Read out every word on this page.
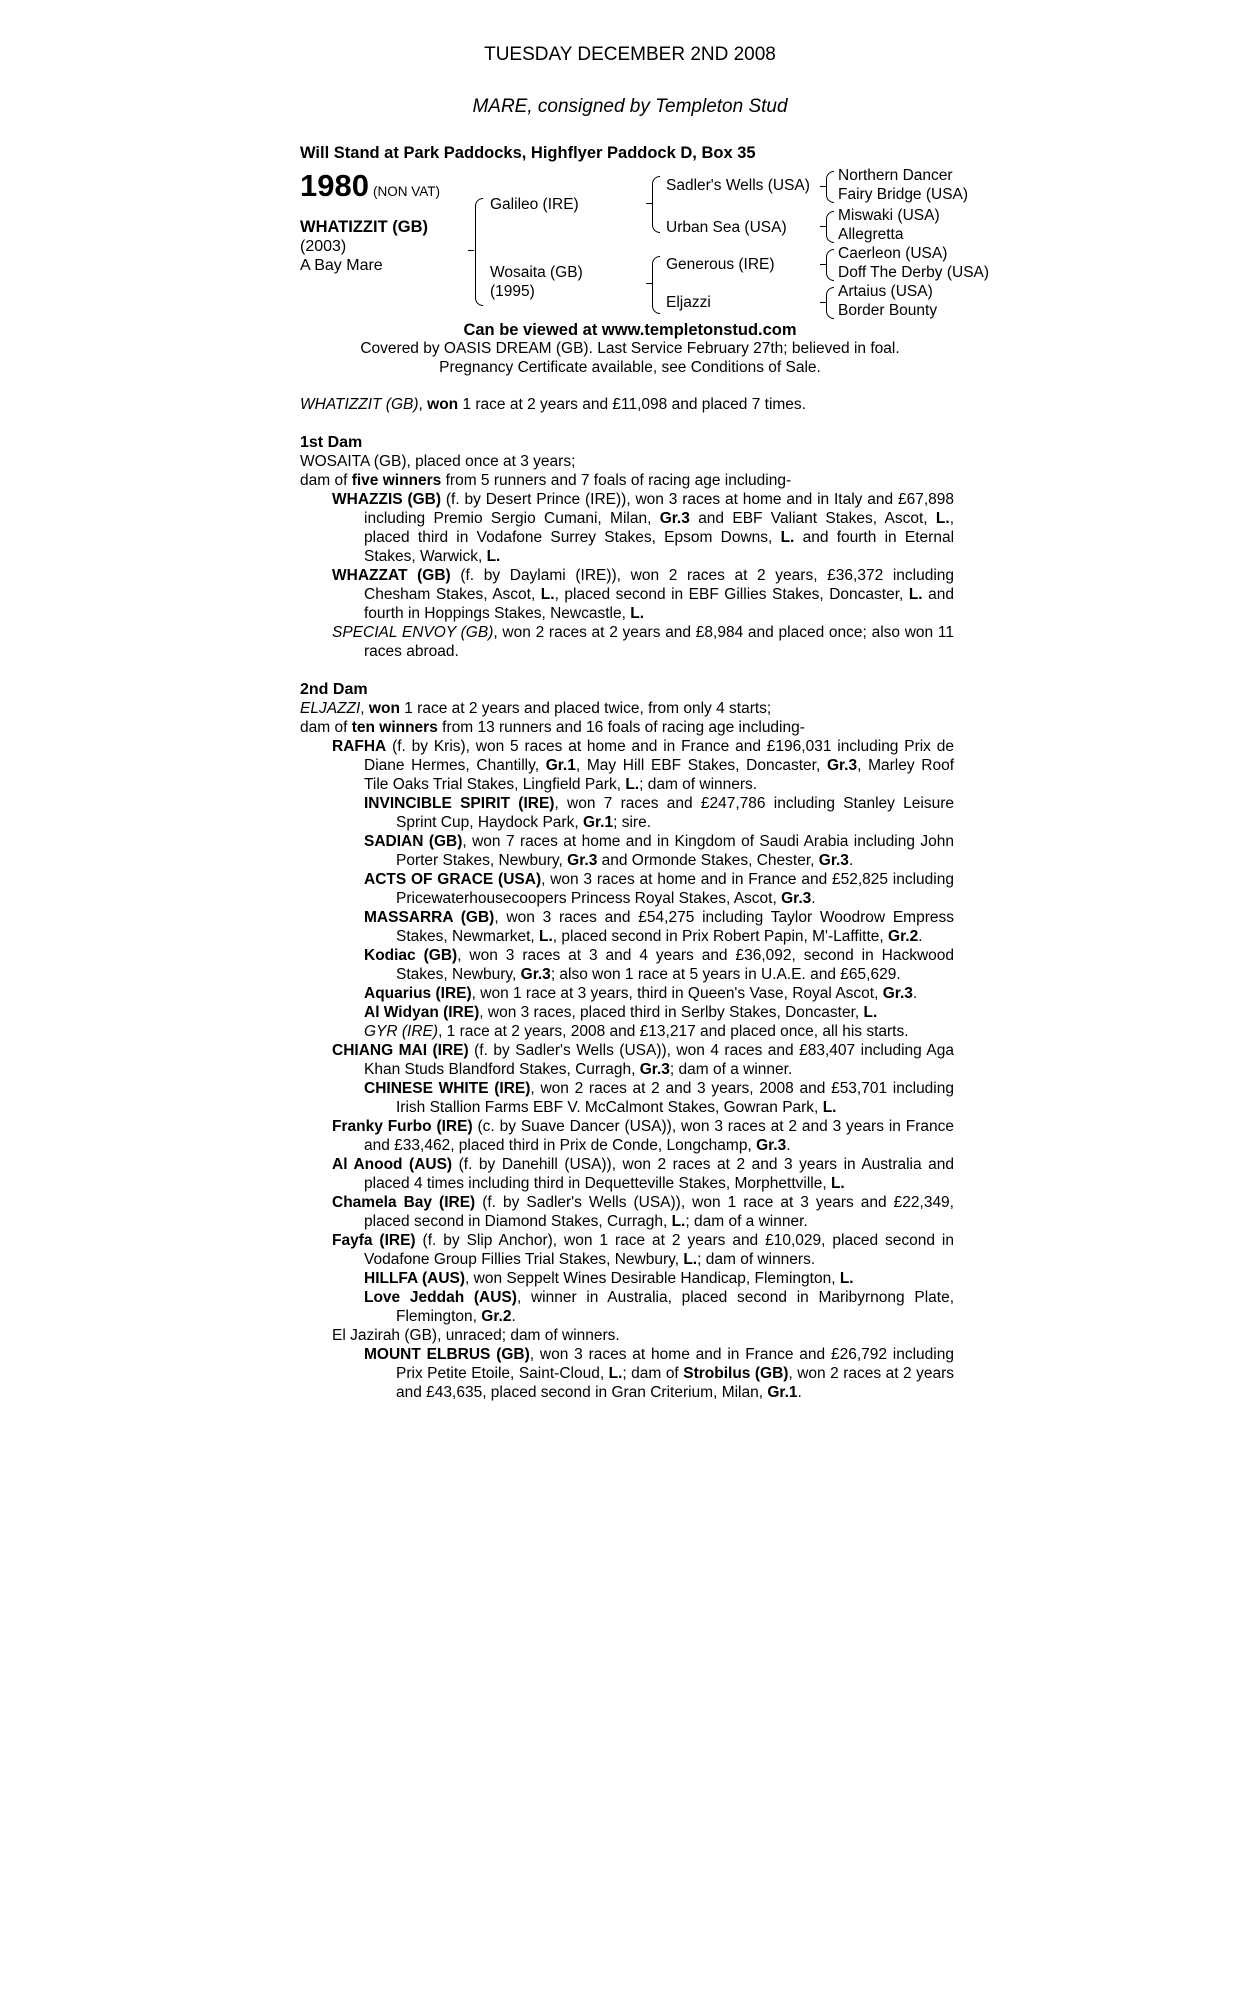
TUESDAY DECEMBER 2ND 2008
MARE, consigned by Templeton Stud
Will Stand at Park Paddocks, Highflyer Paddock D, Box 35
1980 (NON VAT)
WHATIZZIT (GB)
(2003)
A Bay Mare
Galileo (IRE)
Wosaita (GB)
(1995)
Sadler's Wells (USA)
Urban Sea (USA)
Generous (IRE)
Eljazzi
Northern Dancer
Fairy Bridge (USA)
Miswaki (USA)
Allegretta
Caerleon (USA)
Doff The Derby (USA)
Artaius (USA)
Border Bounty
Can be viewed at www.templetonstud.com
Covered by OASIS DREAM (GB). Last Service February 27th; believed in foal.
Pregnancy Certificate available, see Conditions of Sale.

WHATIZZIT (GB), won 1 race at 2 years and £11,098 and placed 7 times.

1st Dam

WOSAITA (GB), placed once at 3 years;

dam of five winners from 5 runners and 7 foals of racing age including-

WHAZZIS (GB) (f. by Desert Prince (IRE)), won 3 races at home and in Italy and £67,898 including Premio Sergio Cumani, Milan, Gr.3 and EBF Valiant Stakes, Ascot, L., placed third in Vodafone Surrey Stakes, Epsom Downs, L. and fourth in Eternal Stakes, Warwick, L.

WHAZZAT (GB) (f. by Daylami (IRE)), won 2 races at 2 years, £36,372 including Chesham Stakes, Ascot, L., placed second in EBF Gillies Stakes, Doncaster, L. and fourth in Hoppings Stakes, Newcastle, L.

SPECIAL ENVOY (GB), won 2 races at 2 years and £8,984 and placed once; also won 11 races abroad.

2nd Dam

ELJAZZI, won 1 race at 2 years and placed twice, from only 4 starts;

dam of ten winners from 13 runners and 16 foals of racing age including-

RAFHA (f. by Kris), won 5 races at home and in France and £196,031 including Prix de Diane Hermes, Chantilly, Gr.1, May Hill EBF Stakes, Doncaster, Gr.3, Marley Roof Tile Oaks Trial Stakes, Lingfield Park, L.; dam of winners.

INVINCIBLE SPIRIT (IRE), won 7 races and £247,786 including Stanley Leisure Sprint Cup, Haydock Park, Gr.1; sire.

SADIAN (GB), won 7 races at home and in Kingdom of Saudi Arabia including John Porter Stakes, Newbury, Gr.3 and Ormonde Stakes, Chester, Gr.3.

ACTS OF GRACE (USA), won 3 races at home and in France and £52,825 including Pricewaterhousecoopers Princess Royal Stakes, Ascot, Gr.3.

MASSARRA (GB), won 3 races and £54,275 including Taylor Woodrow Empress Stakes, Newmarket, L., placed second in Prix Robert Papin, M'-Laffitte, Gr.2.

Kodiac (GB), won 3 races at 3 and 4 years and £36,092, second in Hackwood Stakes, Newbury, Gr.3; also won 1 race at 5 years in U.A.E. and £65,629.

Aquarius (IRE), won 1 race at 3 years, third in Queen's Vase, Royal Ascot, Gr.3.

Al Widyan (IRE), won 3 races, placed third in Serlby Stakes, Doncaster, L.

GYR (IRE), 1 race at 2 years, 2008 and £13,217 and placed once, all his starts.

CHIANG MAI (IRE) (f. by Sadler's Wells (USA)), won 4 races and £83,407 including Aga Khan Studs Blandford Stakes, Curragh, Gr.3; dam of a winner.

CHINESE WHITE (IRE), won 2 races at 2 and 3 years, 2008 and £53,701 including Irish Stallion Farms EBF V. McCalmont Stakes, Gowran Park, L.

Franky Furbo (IRE) (c. by Suave Dancer (USA)), won 3 races at 2 and 3 years in France and £33,462, placed third in Prix de Conde, Longchamp, Gr.3.

Al Anood (AUS) (f. by Danehill (USA)), won 2 races at 2 and 3 years in Australia and placed 4 times including third in Dequetteville Stakes, Morphettville, L.

Chamela Bay (IRE) (f. by Sadler's Wells (USA)), won 1 race at 3 years and £22,349, placed second in Diamond Stakes, Curragh, L.; dam of a winner.

Fayfa (IRE) (f. by Slip Anchor), won 1 race at 2 years and £10,029, placed second in Vodafone Group Fillies Trial Stakes, Newbury, L.; dam of winners.

HILLFA (AUS), won Seppelt Wines Desirable Handicap, Flemington, L.

Love Jeddah (AUS), winner in Australia, placed second in Maribyrnong Plate, Flemington, Gr.2.

El Jazirah (GB), unraced; dam of winners.

MOUNT ELBRUS (GB), won 3 races at home and in France and £26,792 including Prix Petite Etoile, Saint-Cloud, L.; dam of Strobilus (GB), won 2 races at 2 years and £43,635, placed second in Gran Criterium, Milan, Gr.1.
